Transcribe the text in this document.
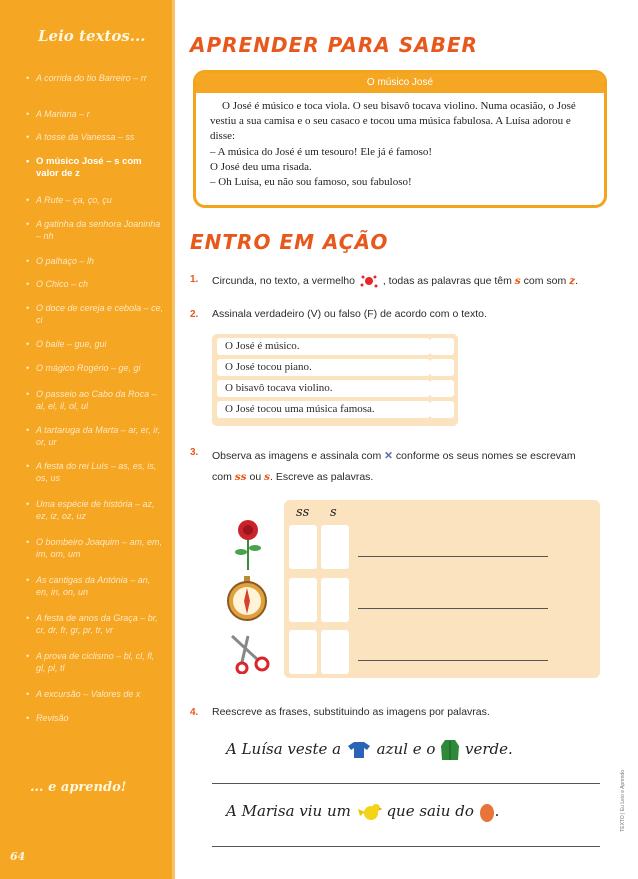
Leio textos...
• A corrida do tio Barreiro – rr
• A Mariana – r
• A tosse da Vanessa – ss
• O músico José – s com valor de z
• A Rute – ça, ço, çu
• A gatinha da senhora Joaninha – nh
• O palhaço – lh
• O Chico – ch
• O doce de cereja e cebola – ce, ci
• O baile – gue, gui
• O mágico Rogério – ge, gi
• O passeio ao Cabo da Roca – al, el, il, ol, ul
• A tartaruga da Marta – ar, er, ir, or, ur
• A festa do rei Luís – as, es, is, os, us
• Uma espécie de história – az, ez, iz, oz, uz
• O bombeiro Joaquim – am, em, im, om, um
• As cantigas da Antónia – an, en, in, on, un
• A festa de anos da Graça – br, cr, dr, fr, gr, pr, tr, vr
• A prova de ciclismo – bl, cl, fl, gl, pl, tl
• A excursão – Valores de x
• Revisão
... e aprendo!
64
APRENDER PARA SABER
O músico José
O José é músico e toca viola. O seu bisavô tocava violino. Numa ocasião, o José vestiu a sua camisa e o seu casaco e tocou uma música fabulosa. A Luísa adorou e disse:
– A música do José é um tesouro! Ele já é famoso!
O José deu uma risada.
– Oh Luísa, eu não sou famoso, sou fabuloso!
ENTRO EM AÇÃO
1. Circunda, no texto, a vermelho	, todas as palavras que têm s com som z.
2. Assinala verdadeiro (V) ou falso (F) de acordo com o texto.
O José é músico.
O José tocou piano.
O bisavô tocava violino.
O José tocou uma música famosa.
3. Observa as imagens e assinala com ✕ conforme os seus nomes se escrevam
com ss ou s. Escreve as palavras.
ss s
4. Reescreve as frases, substituindo as imagens por palavras.
A Luísa veste a azul e o verde.
A Marisa viu um que saiu do .	TEXTO | Eu Leio e Aprendo
